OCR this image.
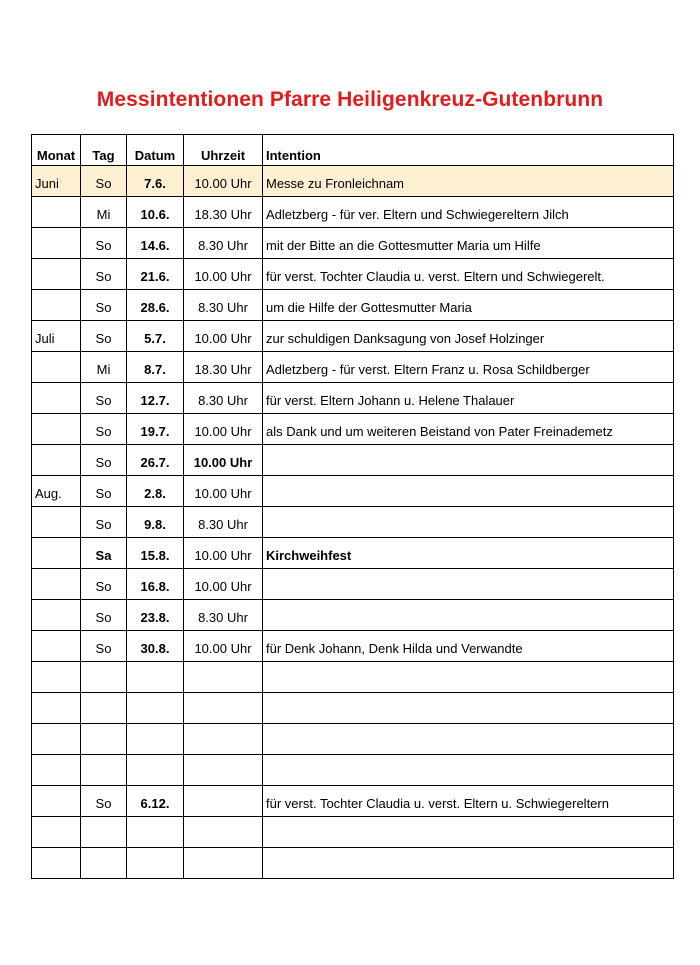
Messintentionen Pfarre Heiligenkreuz-Gutenbrunn
Monat	Tag	Datum	Uhrzeit	Intention
Juni	So	7.6.	10.00 Uhr	Messe zu Fronleichnam
	Mi	10.6.	18.30 Uhr	Adletzberg - für ver. Eltern und Schwiegereltern Jilch
	So	14.6.	8.30 Uhr	mit der Bitte an die Gottesmutter Maria um Hilfe
	So	21.6.	10.00 Uhr	für verst. Tochter Claudia u. verst. Eltern und Schwiegerelt.
	So	28.6.	8.30 Uhr	um die Hilfe der Gottesmutter Maria
Juli	So	5.7.	10.00 Uhr	zur schuldigen Danksagung von Josef Holzinger
	Mi	8.7.	18.30 Uhr	Adletzberg - für verst. Eltern Franz u. Rosa Schildberger
	So	12.7.	8.30 Uhr	für verst. Eltern Johann u. Helene Thalauer
	So	19.7.	10.00 Uhr	als Dank und um weiteren Beistand von Pater Freinademetz
	So	26.7.	10.00 Uhr	
Aug.	So	2.8.	10.00 Uhr	
	So	9.8.	8.30 Uhr	
	Sa	15.8.	10.00 Uhr	Kirchweihfest
	So	16.8.	10.00 Uhr	
	So	23.8.	8.30 Uhr	
	So	30.8.	10.00 Uhr	für Denk Johann, Denk Hilda und Verwandte

	So	6.12.		für verst. Tochter Claudia u. verst. Eltern u. Schwiegereltern
